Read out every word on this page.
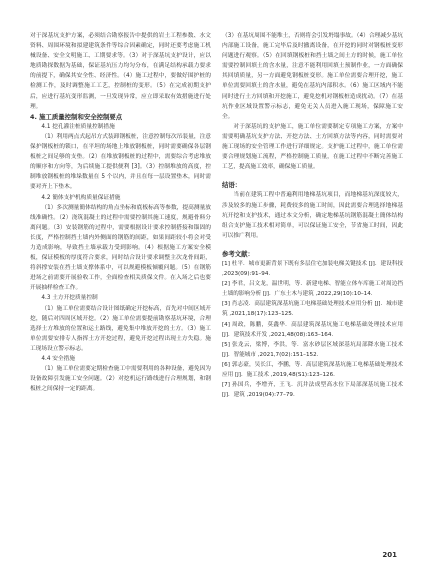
对于深基坑支护方案，必须结合勘察报告中提供的岩土工程参数、水文资料、周围环境和拟建建筑条件等综合因素确定，同时还要考虑施工机械设备、安全文明施工、工期要求等。（3）对于深基坑支护设计，应以地质勘探数据为基础，保证基坑压力均匀分布，在满足结构承载力要求的前提下，确保其安全性、经济性。（4）施工过程中，要做好围护桩的检测工作，及时调整施工工艺，控制桩的变形。（5）在完成初期支护后，应进行基坑变形监测，一旦发现异常，应立即采取有效措施进行处理。

4. 施工质量控制和安全控制要点
4.1 挖孔灌注桩质量控制措施

（1）利用两点式起吊方式装卸钢板桩，注意控制每次吊装量，注意保护钢板桩的锁口，在平坦的场地上堆放钢板桩，同时需要确保各层钢板桩之间足够的支垫。（2）在堆放钢板桩的过程中，需要综合考虑堆放的顺序和方向等，为后续施工提供便利 [3]。（3）控制堆放的高度，控制堆放钢板桩的堆垛数量在 5 个以内，并且在每一层设置垫木，同时需要对齐上下垫木。

4.2 簡体支护机构质量保证措施

（1）多次测量簡体结构的角点坐标和底板标高等参数，提高测量放线准确性。（2）浇筑混凝土的过程中需要控制其施工速度，规避骨料分离问题。（3）安装钢筋的过程中，需要根据设计要求控制搭接和锚固的长度，严格控制挡土墙内外侧面的钢筋的间距，如果间距较小将会对受力造成影响，导致挡土墙承载力受到影响。（4）根据施工方案安全模板，保证模板的厚度符合要求，同时结合设计要求调整主次龙骨间距，将斜撑安装在挡土墙支撑体系中，可以规避模板倾覆问题。（5）在钢筋进场之前需要开展验收工作，全面检查相关质保文件。在入场之后也要开展抽样检查工作。

4.3 土方开挖质量控制

（1）施工单位需要结合设计图纸确定开挖标高，首先对中间区域开挖，随后对四周区域开挖。（2）施工单位需要提前勘察基坑环境，合理选择土方堆放的位置和运土路线，避免集中堆放开挖的土方。（3）施工单位需要安排专人指挥土方开挖过程，避免开挖过程出现土方失稳。施工现场设立警示标志。

4.4 安全措施

（1）施工单位需要定期检查施工中需要利用的各种设备，避免因为设备故障引发施工安全问题。（2）对挖机运行路线进行合理规划，和钢板桩之间保持一定的距离。

（3）在基坑周围不能堆土，否则将会引发坍塌事故。（4）合理减少基坑内部施工设备，施工完毕后及时撤离设备，在开挖的同时对钢板桩变形问题进行观察。（5）在回填钢板桩和挡土墙之间土方的时候，施工单位需要控制回填土的含水量，注意不能利用回填土预制作业，一方面确保其回填质量，另一方面避免钢板桩变形。施工单位需要合理开挖，施工单位需要回填土的含水量，避免在基坑内部积水。（6）施工区域内不能同时进行土方回填和开挖施工，避免挖机对钢板桩造成扰动。（7）在基坑作业区域设置警示标志，避免无关人员进入施工现场，保障施工安全。

对于深基坑的支护施工，施工单位需要制定专项施工方案，方案中需要明确基坑支护方法、开挖方法、土方回填方法等内容，同时需要对施工现场的安全管理工作进行详细规定。支护施工过程中，施工单位需要合理规划施工流程，严格控制施工质量，在施工过程中不断完善施工工艺，提高施工效率，确保施工质量。

结语：

当前在建筑工程中普遍利用地梯基坑项目，而地梯基坑深度较大，涉及较多的施工步骤，耗费较多的施工时间，因此需要合理选择地梯基坑开挖和支护技术，通过本文分析，确定地梯基坑钢筋混凝土簡体结构组合支护施工技术相对简单，可以保证施工安全，节省施工时间，因此可以推广利用。

参考文献：

[1] 杜平．城市更新背景下既有多层住宅加装电梯关键技术 [J]．建设科技 ,2023(09):91–94.

[2] 李君，吕文龙，温世明，等．新建电梯、智能立体车库施工对周边挡土墙的影响分析 [J]．广东土木与建筑 ,2022,29(10):10–14.

[3] 肖志凌．高层建筑深基坑施工电梯基础处理技术应用分析 [J]．城市建筑 ,2021,18(17):123–125.

[4] 周政，陈鹏，莫鑫华．高层建筑深基坑施工电梯基础处理技术应用 [J]．建筑技术开发 ,2021,48(08):163–164.

[5] 张龙云，梁博，李洪，等．富水砂层区域深基坑局部降水施工技术 [J]．智能城市 ,2021,7(02):151–152.

[6] 郭志豪，吴长江，李鹏，等．高层建筑深基坑施工电梯基础处理技术应用 [J]．施工技术 ,2019,48(S1):123–126.

[7] 孙国兵，李增齐，王飞．沉井法成型高水位下局部深基坑施工技术 [J]．建筑 ,2019(04):77–79.

201
